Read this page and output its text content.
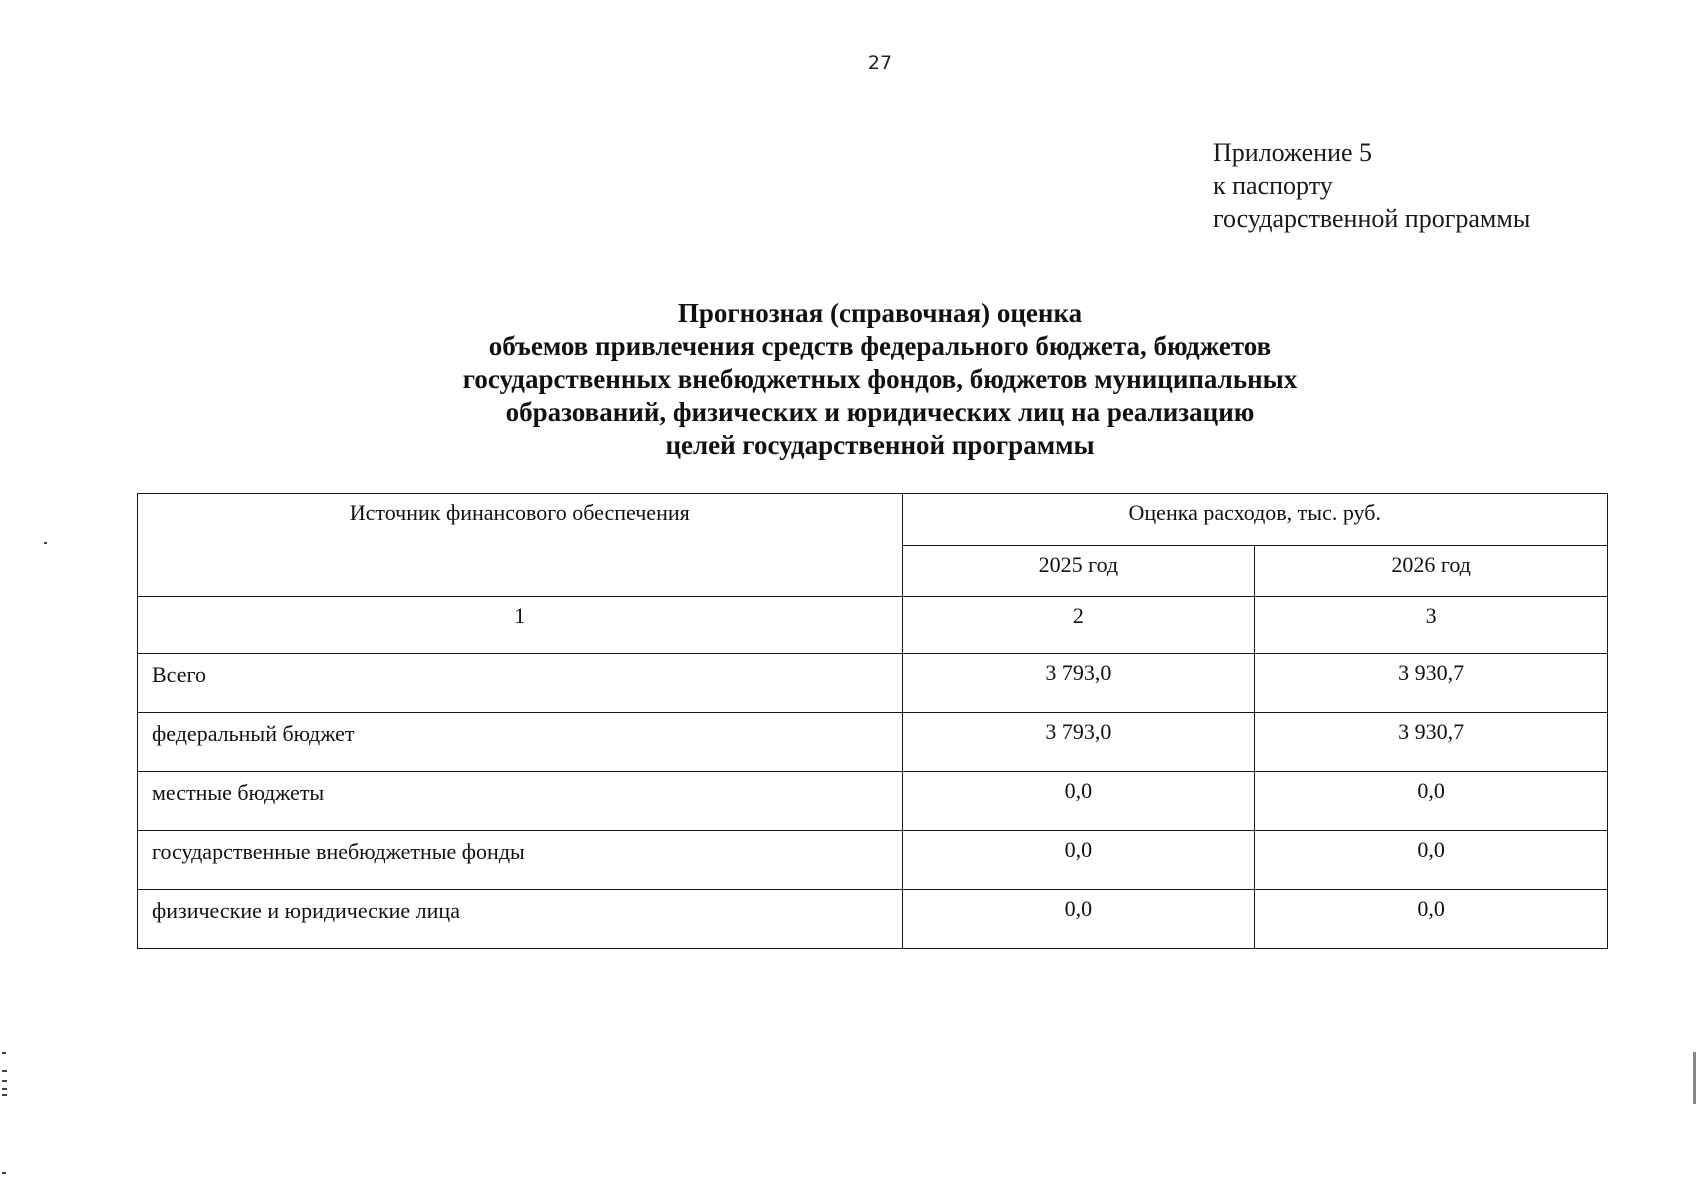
27
Приложение 5
к паспорту
государственной программы
Прогнозная (справочная) оценка
объемов привлечения средств федерального бюджета, бюджетов
государственных внебюджетных фондов, бюджетов муниципальных
образований, физических и юридических лиц на реализацию
целей государственной программы
Источник финансового обеспечения	Оценка расходов, тыс. руб.	
	2025 год	2026 год
1	2	3
Всего	3 793,0	3 930,7
федеральный бюджет	3 793,0	3 930,7
местные бюджеты	0,0	0,0
государственные внебюджетные фонды	0,0	0,0
физические и юридические лица	0,0	0,0
